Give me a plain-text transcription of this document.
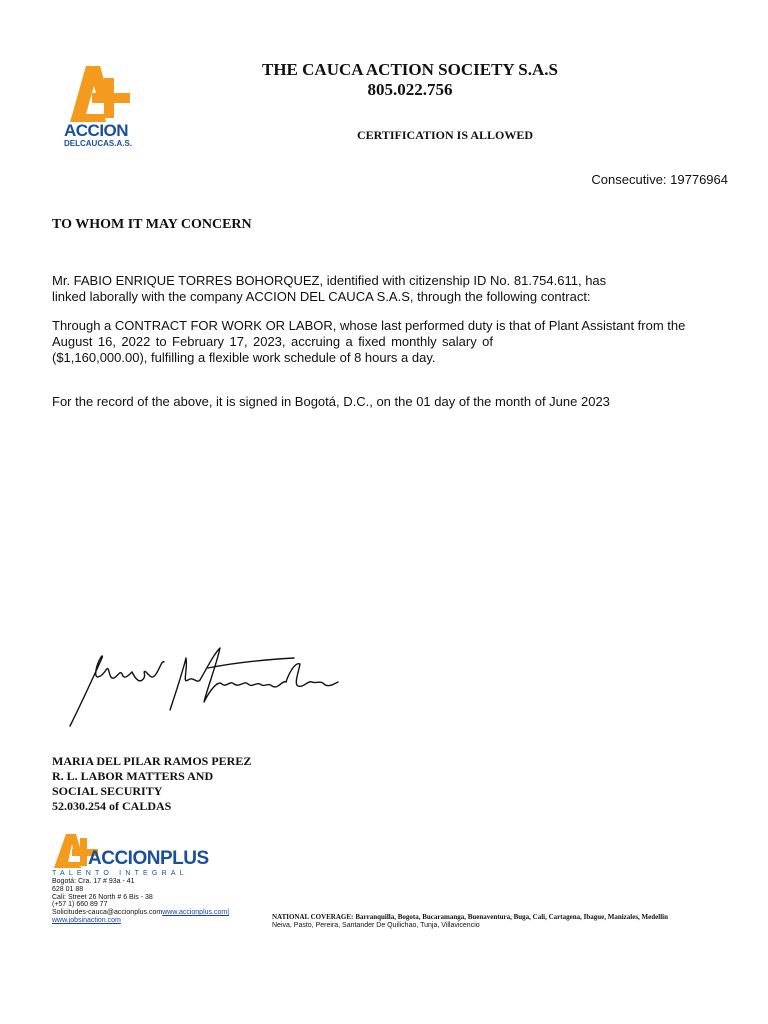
ACCION
DELCAUCAS.A.S.
THE CAUCA ACTION SOCIETY S.A.S
805.022.756
CERTIFICATION IS ALLOWED
Consecutive: 19776964
TO WHOM IT MAY CONCERN
Mr. FABIO ENRIQUE TORRES BOHORQUEZ, identified with citizenship ID No. 81.754.611, has
linked laborally with the company ACCION DEL CAUCA S.A.S, through the following contract:
Through a CONTRACT FOR WORK OR LABOR, whose last performed duty is that of Plant Assistant from the
August 16, 2022 to February 17, 2023, accruing a fixed monthly salary of
($1,160,000.00), fulfilling a flexible work schedule of 8 hours a day.
For the record of the above, it is signed in Bogotá, D.C., on the 01 day of the month of June 2023
MARIA DEL PILAR RAMOS PEREZ
R. L. LABOR MATTERS AND
SOCIAL SECURITY
52.030.254 of CALDAS
ACCIONPLUS
TALENTO INTEGRAL
Bogotá: Cra. 17 # 93a - 41
628 01 88
Cali: Street 26 North # 6 Bis - 38
(+57 1) 660 89 77
Solicitudes-cauca@accionplus.comwww.accionplus.com|
www.jobsinaction.com	NATIONAL COVERAGE: Barranquilla, Bogota, Bucaramanga, Buenaventura, Buga, Cali, Cartagena, Ibague, Manizales, Medellin
Neiva, Pasto, Pereira, Santander De Quilichao, Tunja, Villavicencio
